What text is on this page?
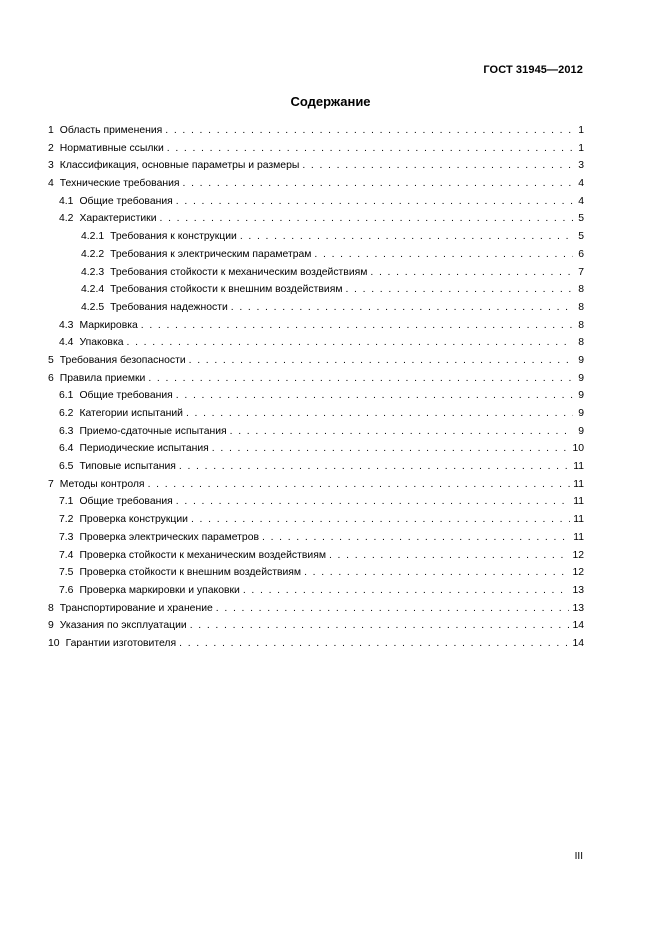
ГОСТ 31945—2012
Содержание
1 Область применения . . .	1
2 Нормативные ссылки . . .	1
3 Классификация, основные параметры и размеры . . .	3
4 Технические требования . . .	4
4.1 Общие требования . . .	4
4.2 Характеристики . . .	5
4.2.1 Требования к конструкции . . .	5
4.2.2 Требования к электрическим параметрам . . .	6
4.2.3 Требования стойкости к механическим воздействиям . . .	7
4.2.4 Требования стойкости к внешним воздействиям . . .	8
4.2.5 Требования надежности . . .	8
4.3 Маркировка . . .	8
4.4 Упаковка . . .	8
5 Требования безопасности . . .	9
6 Правила приемки . . .	9
6.1 Общие требования . . .	9
6.2 Категории испытаний . . .	9
6.3 Приемо-сдаточные испытания . . .	9
6.4 Периодические испытания . . .	10
6.5 Типовые испытания . . .	11
7 Методы контроля . . .	11
7.1 Общие требования . . .	11
7.2 Проверка конструкции . . .	11
7.3 Проверка электрических параметров . . .	11
7.4 Проверка стойкости к механическим воздействиям . . .	12
7.5 Проверка стойкости к внешним воздействиям . . .	12
7.6 Проверка маркировки и упаковки . . .	13
8 Транспортирование и хранение . . .	13
9 Указания по эксплуатации . . .	14
10 Гарантии изготовителя . . .	14
III
